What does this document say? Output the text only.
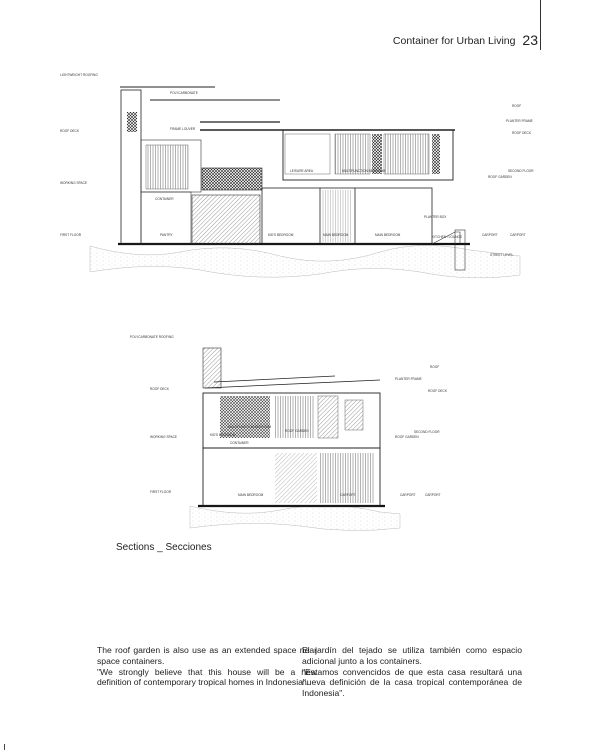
Container for Urban Living 23
LIGHTWEIGHT ROOFING
ROOF DECK
WORKING SPACE
FIRST FLOOR
ROOF
PLANTER FRAME
ROOF DECK
SECOND FLOOR
ROOF GARDEN
PLANTER BOX
CARPORT	CARPORT
STREET LEVEL
POLYCARBONATE
FRAME LOUVER
LEISURE AREA	MULTIFUNCTION BEDROOM
CONTAINER
PANTRY	KID'S BEDROOM	MAIN BEDROOM	MAIN BEDROOM	KITCHEN / LOUNGE
POLYCARBONATE ROOFING
ROOF DECK
WORKING SPACE
FIRST FLOOR
ROOF
PLANTER FRAME
ROOF DECK
SECOND FLOOR
ROOF GARDEN
CARPORT	CARPORT
KID'S BEDROOM
MULTIFUNCTION BEDROOM
ROOF GARDEN
MAIN BEDROOM	CARPORT
CONTAINER
Sections _ Secciones

The roof garden is also use as an extended space near space containers.

"We strongly believe that this house will be a new definition of contemporary tropical homes in Indonesia".

El jardín del tejado se utiliza también como espacio adicional junto a los containers.

"Estamos convencidos de que esta casa resultará una nueva definición de la casa tropical contemporánea de Indonesia".
